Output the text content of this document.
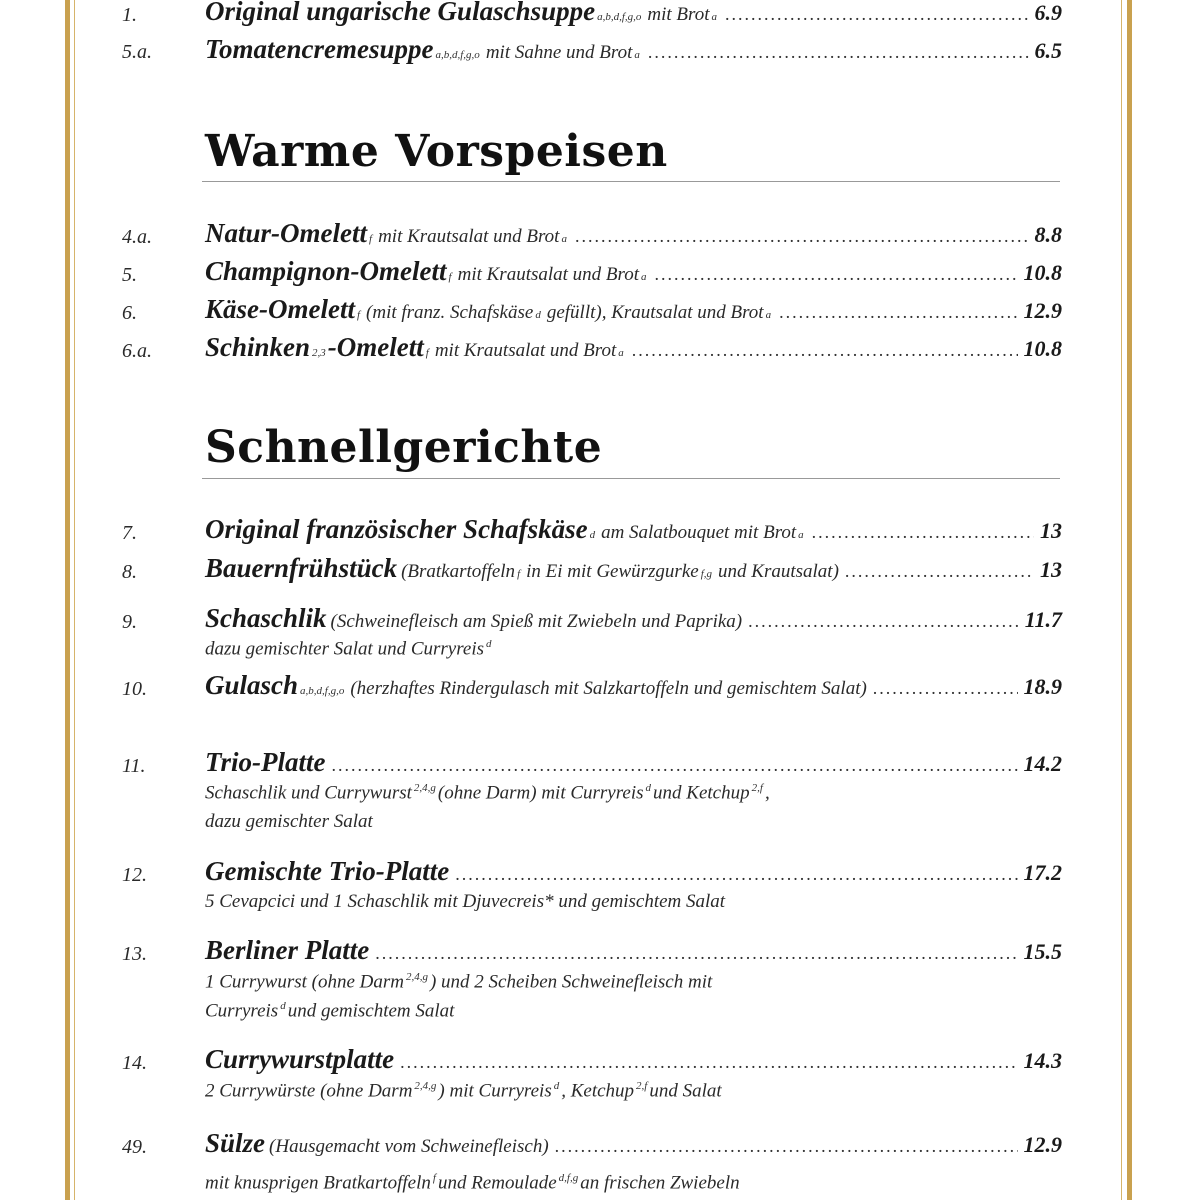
1.	Original ungarische Gulaschsuppe a,b,d,f,g,o mit Brot a .....	6.9
5.a. Tomatencremesuppe a,b,d,f,g,o mit Sahne und Brot a .....	6.5
Warme Vorspeisen
4.a. Natur-Omelett f mit Krautsalat und Brot a .....	8.8
5.	Champignon-Omelett f mit Krautsalat und Brot a .....	10.8
6.	Käse-Omelett f (mit franz. Schafskäse d gefüllt), Krautsalat und Brot a .....	12.9
6.a. Schinken 2,3 -Omelett f mit Krautsalat und Brot a .....	10.8
Schnellgerichte
7.	Original französischer Schafskäse d am Salatbouquet mit Brot a .....	13
8.	Bauernfrühstück (Bratkartoffeln f in Ei mit Gewürzgurke f,g und Krautsalat) .....	13
9.	Schaschlik (Schweinefleisch am Spieß mit Zwiebeln und Paprika) .....	11.7
dazu gemischter Salat und Curryreis $^d$
10. Gulasch a,b,d,f,g,o (herzhaftes Rindergulasch mit Salzkartoffeln und gemischtem Salat) .....	18.9
11. Trio-Platte .....	14.2
Schaschlik und Currywurst $^{2,4,g}$ (ohne Darm) mit Curryreis $^d$ und Ketchup $^{2,f}$ ,
dazu gemischter Salat
12. Gemischte Trio-Platte .....	17.2
5 Cevapcici und 1 Schaschlik mit Djuvecreis* und gemischtem Salat
13. Berliner Platte .....	15.5
1 Currywurst (ohne Darm $^{2,4,g}$ ) und 2 Scheiben Schweinefleisch mit
Curryreis $^d$ und gemischtem Salat
14. Currywurstplatte .....	14.3
2 Currywürste (ohne Darm $^{2,4,g}$ ) mit Curryreis $^d$ , Ketchup $^{2,f}$ und Salat
49. Sülze (Hausgemacht vom Schweinefleisch) .....	12.9
mit knusprigen Bratkartoffeln $^f$ und Remoulade $^{d,f,g}$ an frischen Zwiebeln
